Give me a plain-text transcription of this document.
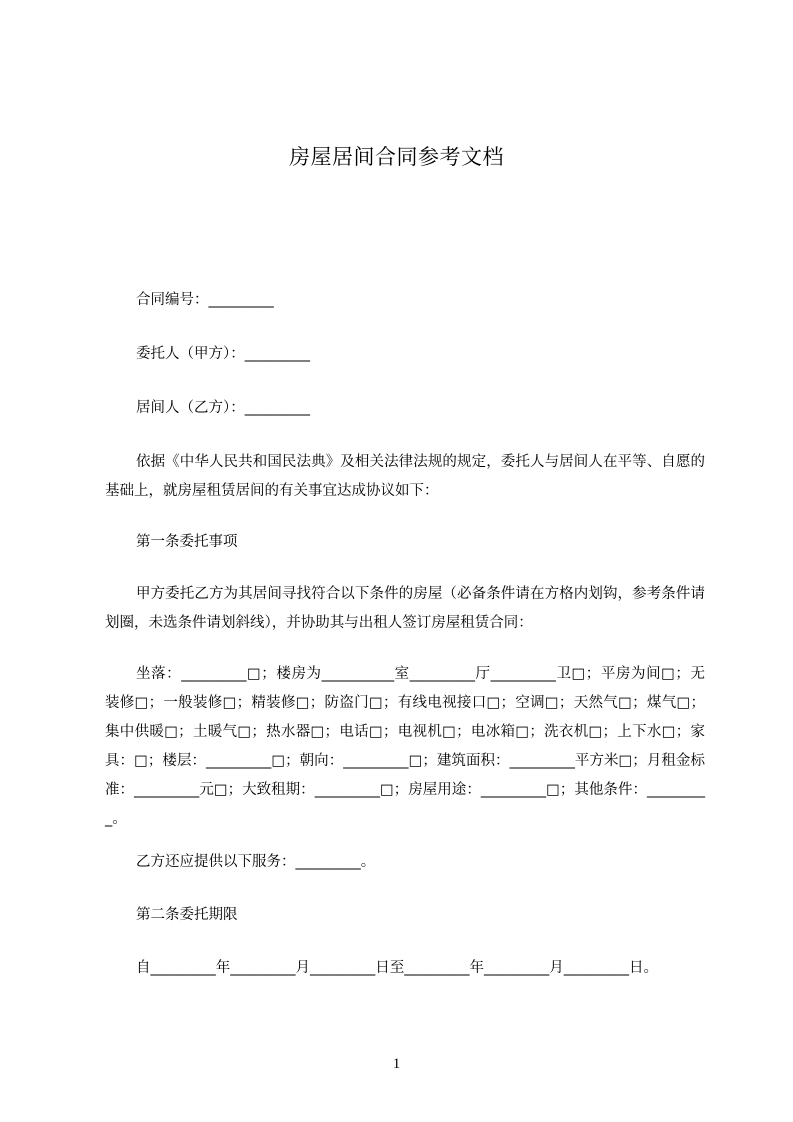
房屋居间合同参考文档
合同编号：_________
委托人（甲方）：_________
居间人（乙方）：_________
依据《中华人民共和国民法典》及相关法律法规的规定，委托人与居间人在平等、自愿的基础上，就房屋租赁居间的有关事宜达成协议如下：
第一条委托事项
甲方委托乙方为其居间寻找符合以下条件的房屋（必备条件请在方格内划钩，参考条件请划圈，未选条件请划斜线），并协助其与出租人签订房屋租赁合同：
坐落：_________□；楼房为__________室_________厅_________卫□；平房为间□；无装修□；一般装修□；精装修□；防盗门□；有线电视接口□；空调□；天然气□；煤气□；集中供暖□；土暖气□；热水器□；电话□；电视机□；电冰箱□；洗衣机□；上下水□；家具：□；楼层：_________□；朝向：_________□；建筑面积：_________平方米□；月租金标准：_________元□；大致租期：_________□；房屋用途：_________□；其他条件：_________。
乙方还应提供以下服务：_________。
第二条委托期限
自_________年_________月_________日至_________年_________月_________日。
1
